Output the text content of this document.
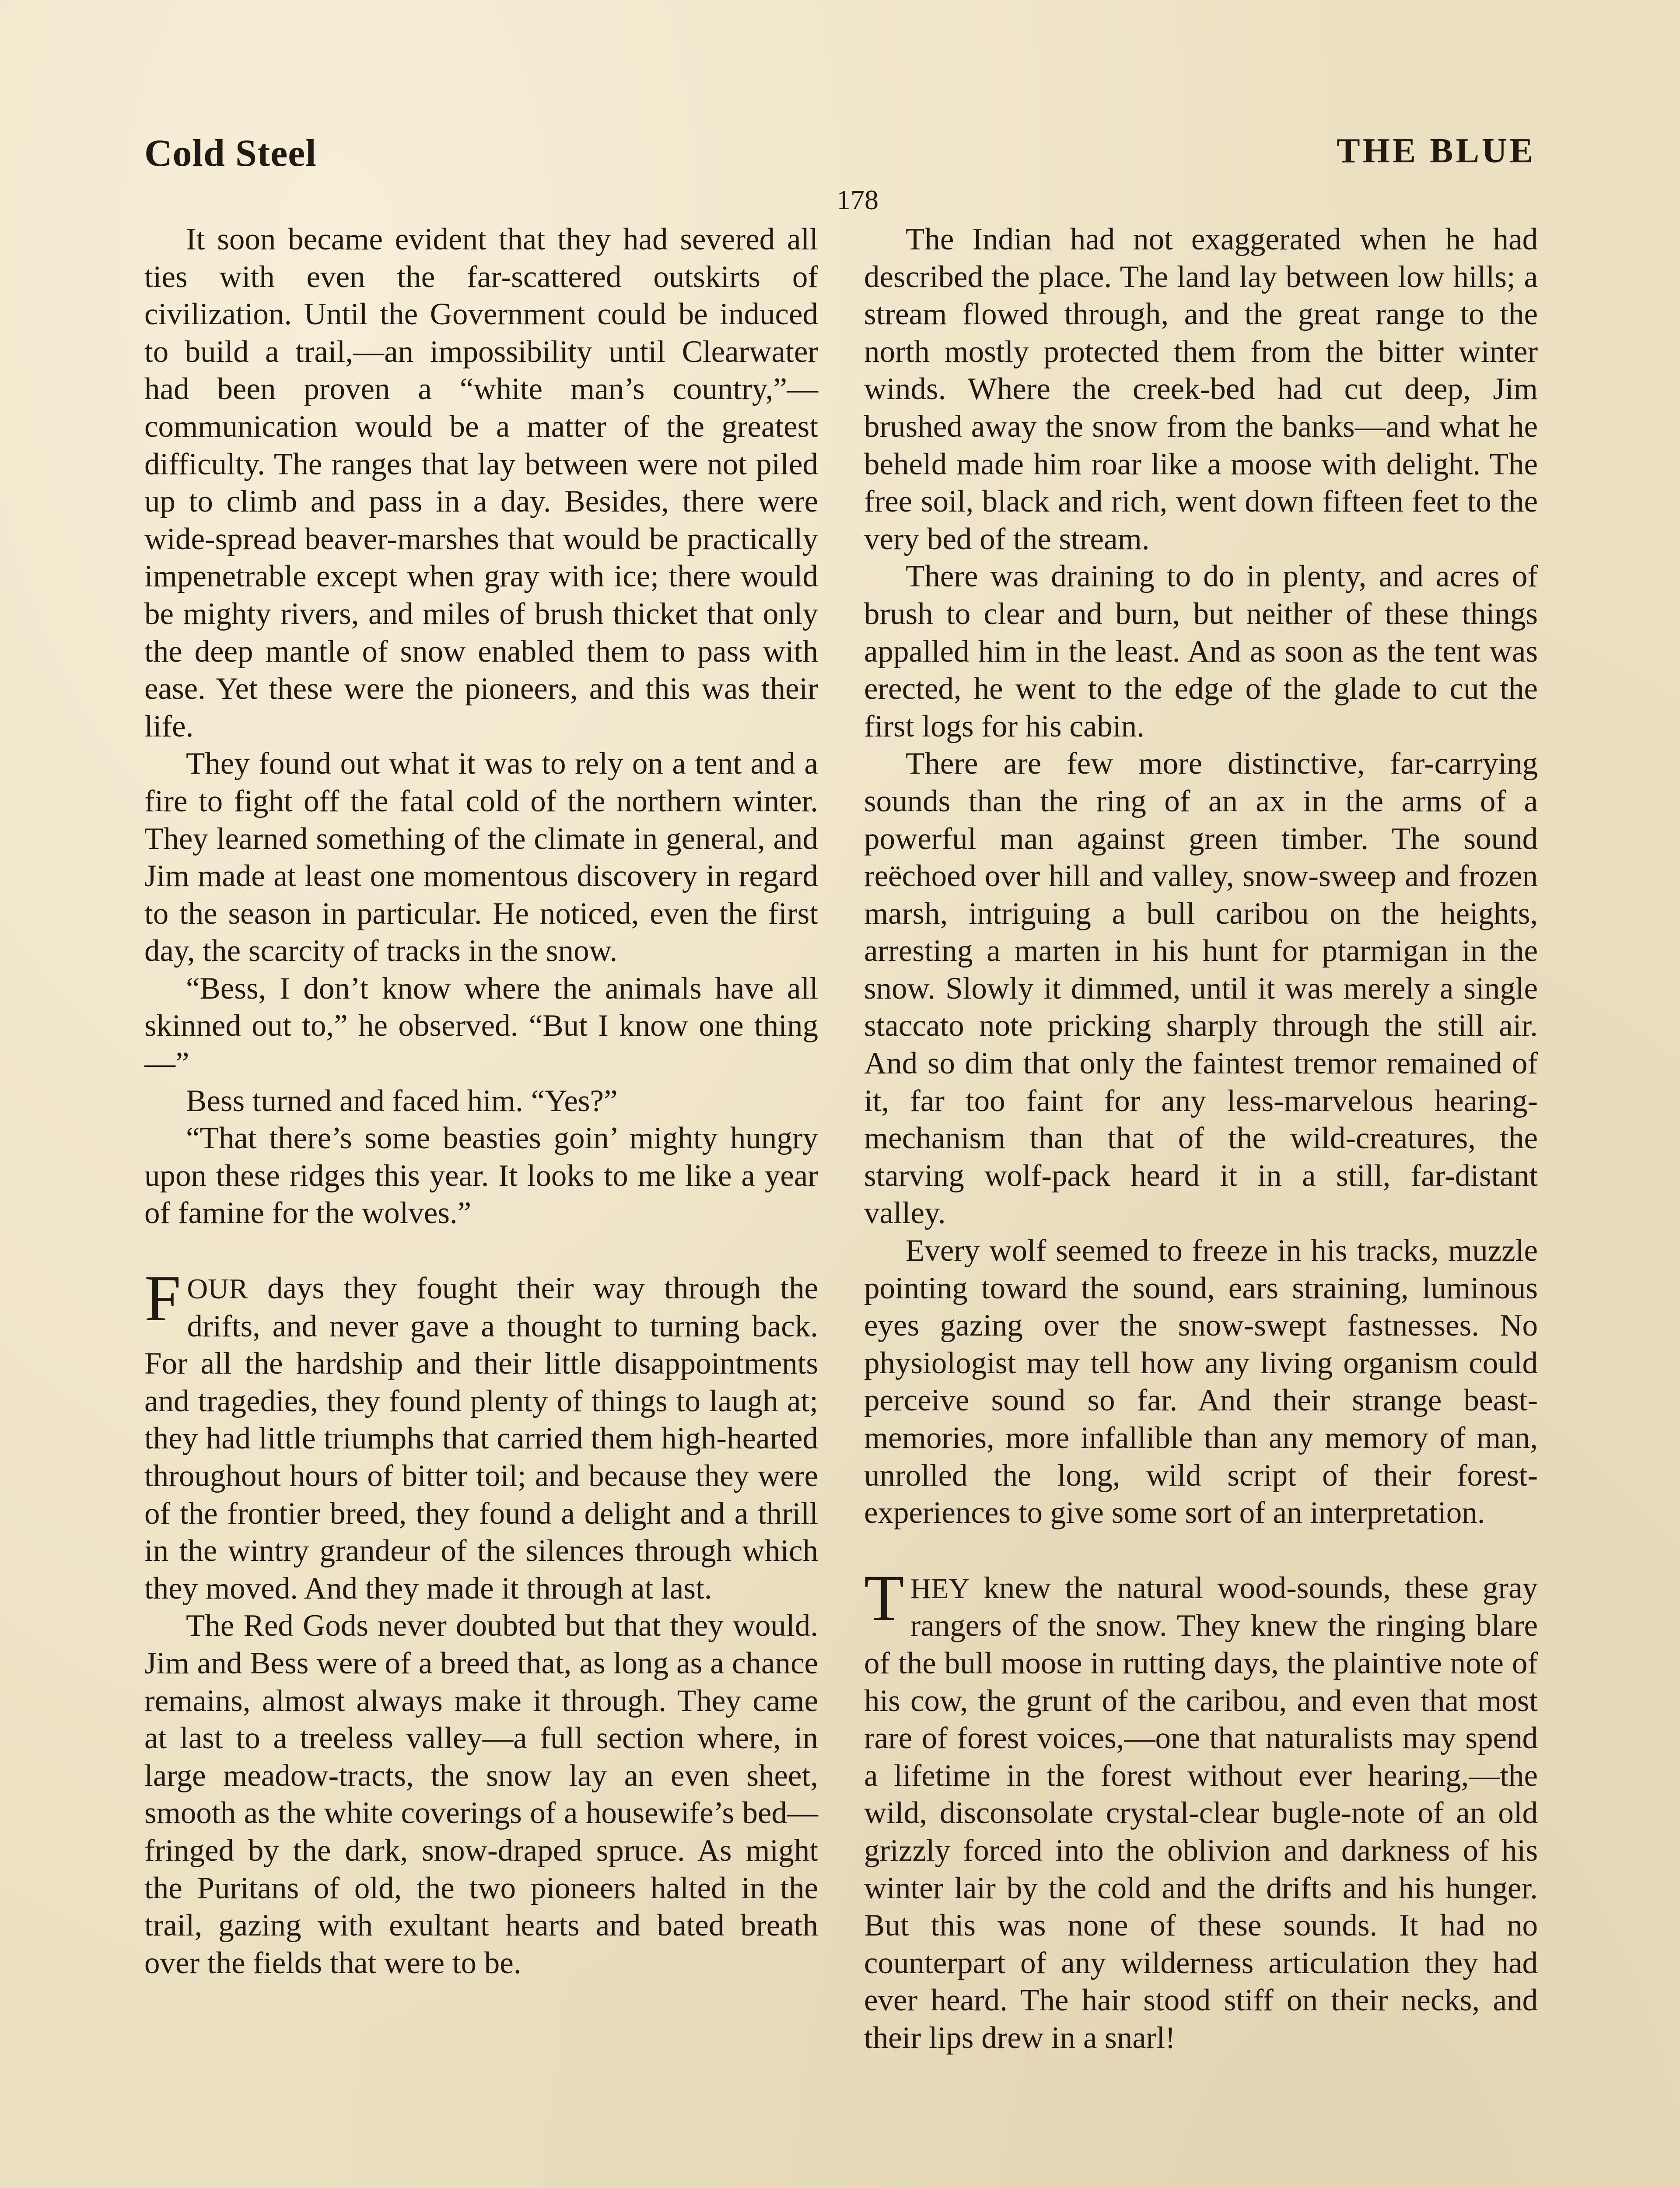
Cold Steel	THE BLUE
178

It soon became evident that they had severed all ties with even the far-scattered outskirts of civilization. Until the Government could be induced to build a trail,—an impossibility until Clearwater had been proven a “white man’s country,”—communication would be a matter of the greatest difficulty. The ranges that lay between were not piled up to climb and pass in a day. Besides, there were wide-spread beaver-marshes that would be practically impenetrable except when gray with ice; there would be mighty rivers, and miles of brush thicket that only the deep mantle of snow enabled them to pass with ease. Yet these were the pioneers, and this was their life.

They found out what it was to rely on a tent and a fire to fight off the fatal cold of the northern winter. They learned something of the climate in general, and Jim made at least one momentous discovery in regard to the season in particular. He noticed, even the first day, the scarcity of tracks in the snow.

“Bess, I don’t know where the animals have all skinned out to,” he observed. “But I know one thing—”

Bess turned and faced him. “Yes?”

“That there’s some beasties goin’ mighty hungry upon these ridges this year. It looks to me like a year of famine for the wolves.”

FOUR days they fought their way through the drifts, and never gave a thought to turning back. For all the hardship and their little disappointments and tragedies, they found plenty of things to laugh at; they had little triumphs that carried them high-hearted throughout hours of bitter toil; and because they were of the frontier breed, they found a delight and a thrill in the wintry grandeur of the silences through which they moved. And they made it through at last.

The Red Gods never doubted but that they would. Jim and Bess were of a breed that, as long as a chance remains, almost always make it through. They came at last to a treeless valley—a full section where, in large meadow-tracts, the snow lay an even sheet, smooth as the white coverings of a housewife’s bed—fringed by the dark, snow-draped spruce. As might the Puritans of old, the two pioneers halted in the trail, gazing with exultant hearts and bated breath over the fields that were to be.

The Indian had not exaggerated when he had described the place. The land lay between low hills; a stream flowed through, and the great range to the north mostly protected them from the bitter winter winds. Where the creek-bed had cut deep, Jim brushed away the snow from the banks—and what he beheld made him roar like a moose with delight. The free soil, black and rich, went down fifteen feet to the very bed of the stream.

There was draining to do in plenty, and acres of brush to clear and burn, but neither of these things appalled him in the least. And as soon as the tent was erected, he went to the edge of the glade to cut the first logs for his cabin.

There are few more distinctive, far-carrying sounds than the ring of an ax in the arms of a powerful man against green timber. The sound reëchoed over hill and valley, snow-sweep and frozen marsh, intriguing a bull caribou on the heights, arresting a marten in his hunt for ptarmigan in the snow. Slowly it dimmed, until it was merely a single staccato note pricking sharply through the still air. And so dim that only the faintest tremor remained of it, far too faint for any less-marvelous hearing-mechanism than that of the wild-creatures, the starving wolf-pack heard it in a still, far-distant valley.

Every wolf seemed to freeze in his tracks, muzzle pointing toward the sound, ears straining, luminous eyes gazing over the snow-swept fastnesses. No physiologist may tell how any living organism could perceive sound so far. And their strange beast-memories, more infallible than any memory of man, unrolled the long, wild script of their forest-experiences to give some sort of an interpretation.

THEY knew the natural wood-sounds, these gray rangers of the snow. They knew the ringing blare of the bull moose in rutting days, the plaintive note of his cow, the grunt of the caribou, and even that most rare of forest voices,—one that naturalists may spend a lifetime in the forest without ever hearing,—the wild, disconsolate crystal-clear bugle-note of an old grizzly forced into the oblivion and darkness of his winter lair by the cold and the drifts and his hunger. But this was none of these sounds. It had no counterpart of any wilderness articulation they had ever heard. The hair stood stiff on their necks, and their lips drew in a snarl!
